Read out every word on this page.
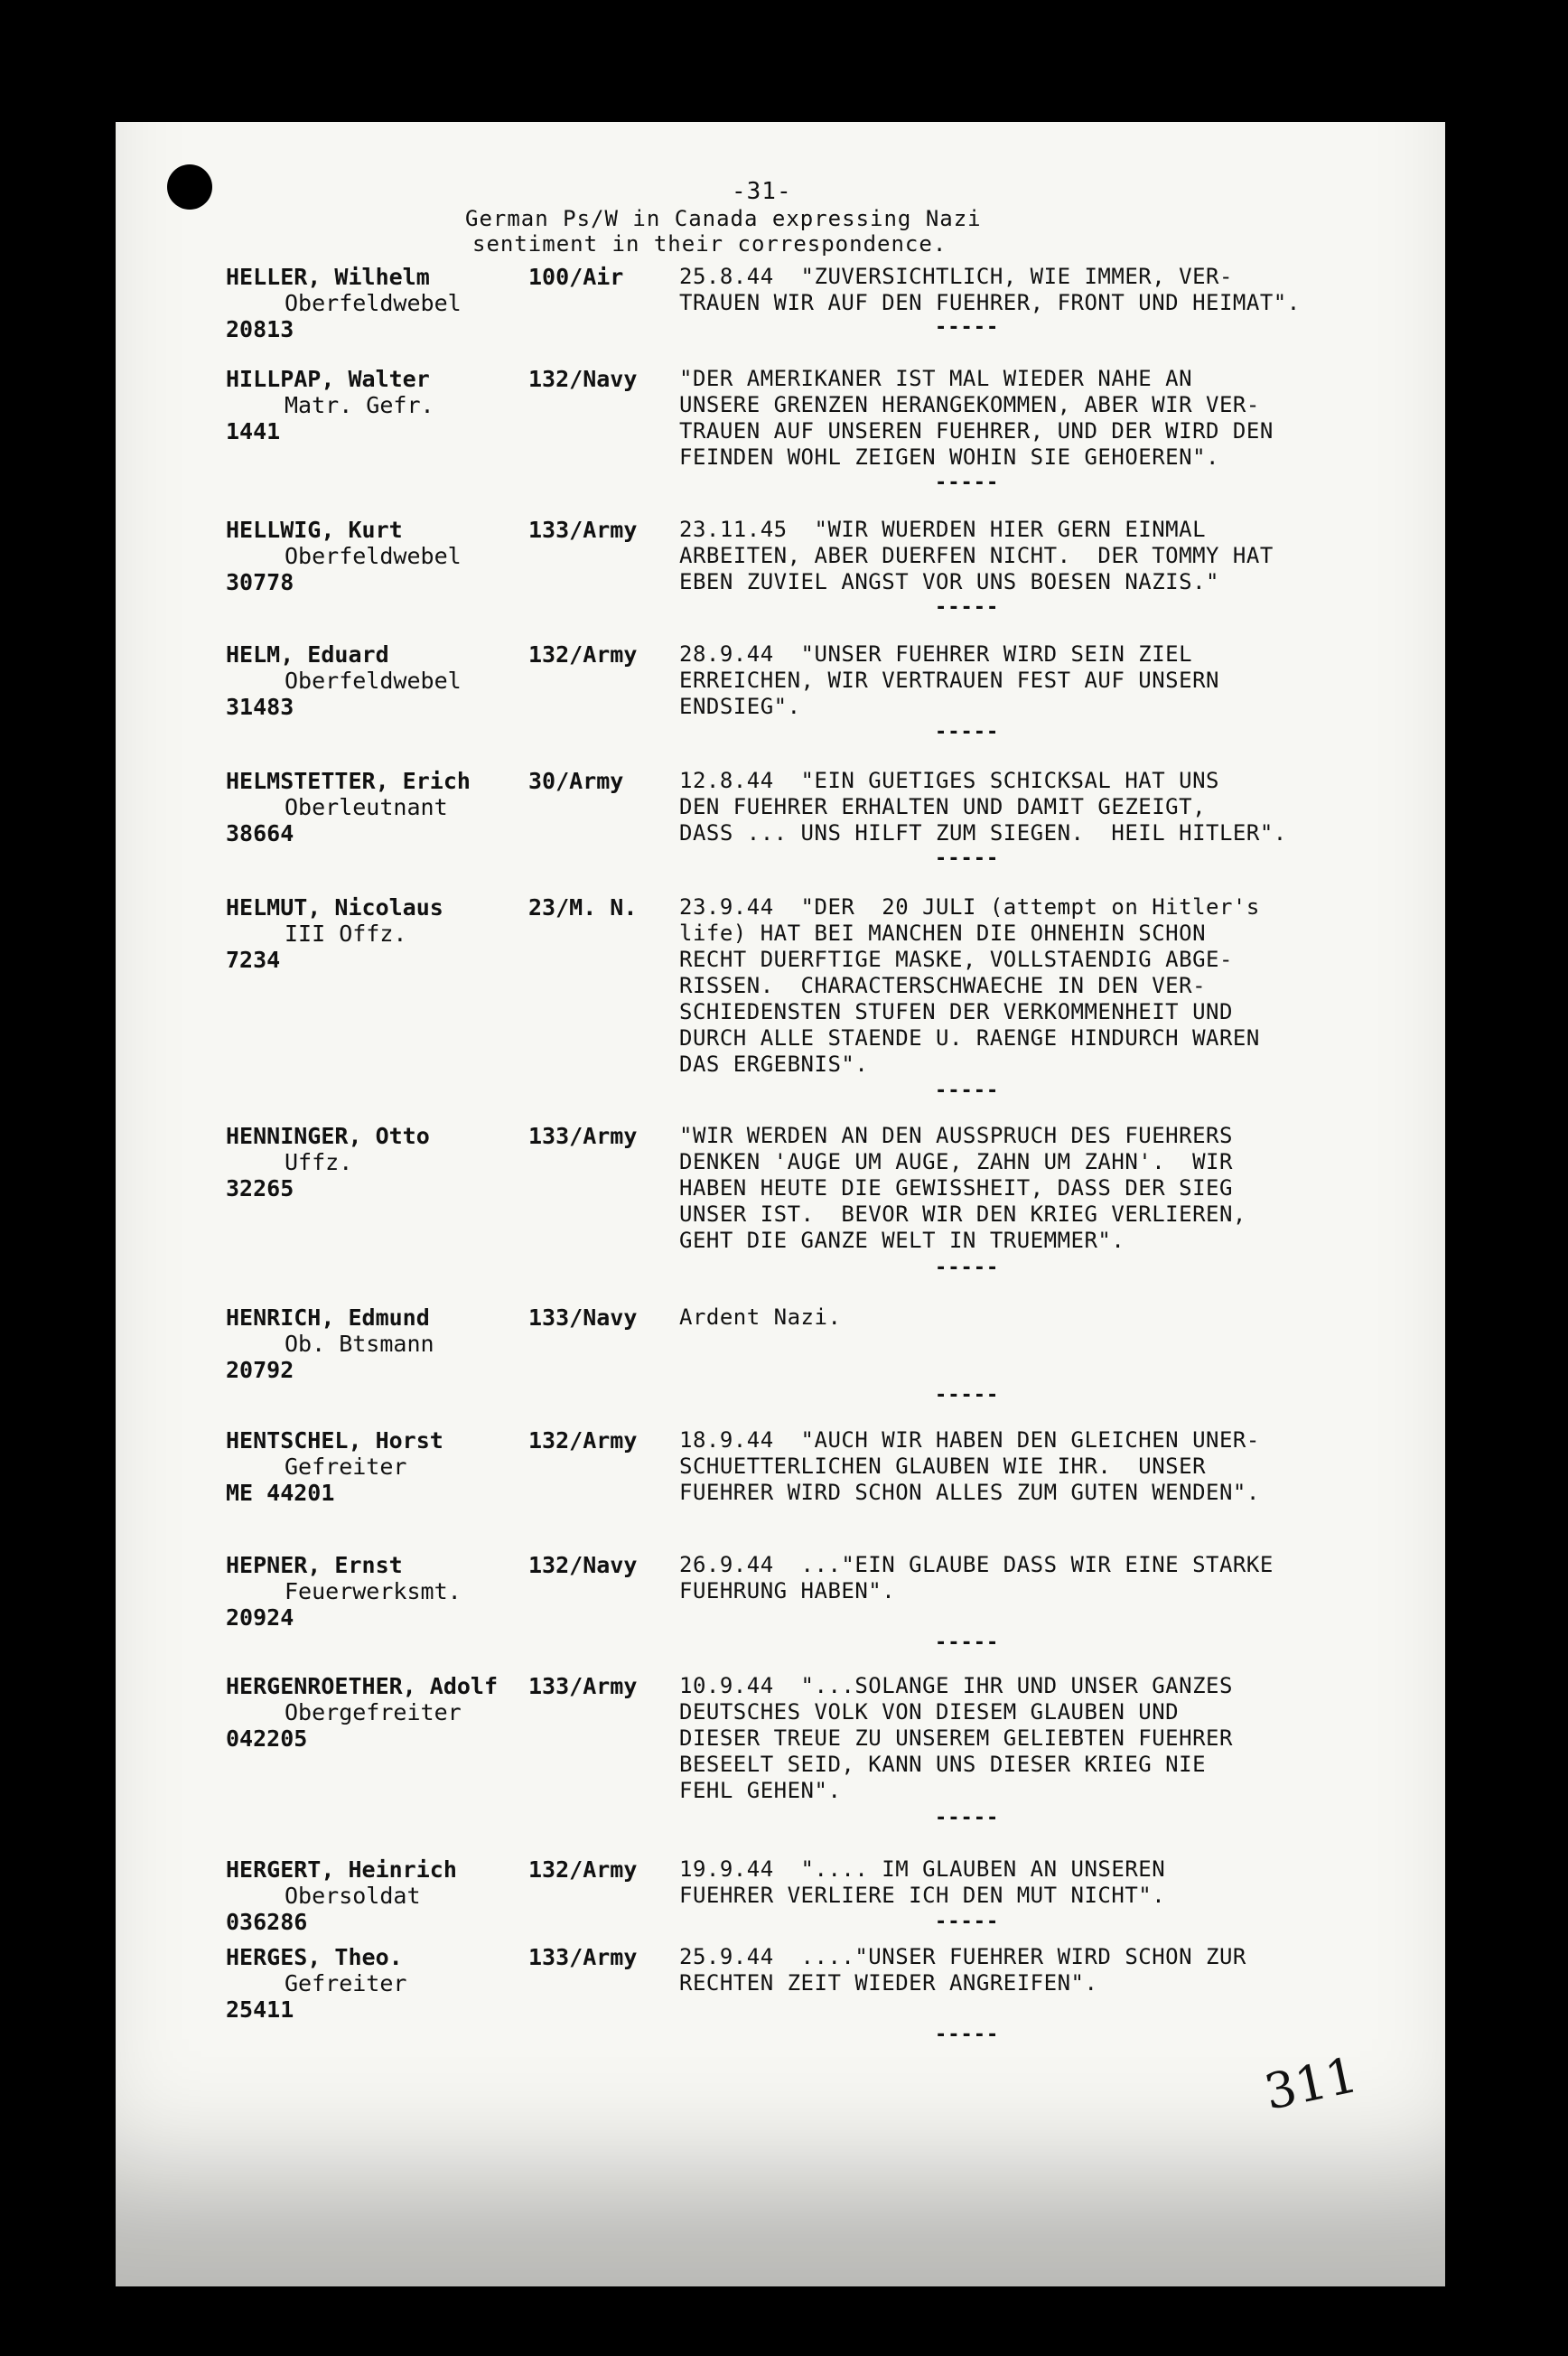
-31-
German Ps/W in Canada expressing Nazi
sentiment in their correspondence.
HELLER, Wilhelm
Oberfeldwebel
20813
100/Air	25.8.44  "ZUVERSICHTLICH, WIE IMMER, VER-
TRAUEN WIR AUF DEN FUEHRER, FRONT UND HEIMAT".
-----
HILLPAP, Walter
Matr. Gefr.
1441
132/Navy "DER AMERIKANER IST MAL WIEDER NAHE AN
UNSERE GRENZEN HERANGEKOMMEN, ABER WIR VER-
TRAUEN AUF UNSEREN FUEHRER, UND DER WIRD DEN
FEINDEN WOHL ZEIGEN WOHIN SIE GEHOEREN".
-----
HELLWIG, Kurt
Oberfeldwebel
30778
133/Army 23.11.45  "WIR WUERDEN HIER GERN EINMAL
ARBEITEN, ABER DUERFEN NICHT.  DER TOMMY HAT
EBEN ZUVIEL ANGST VOR UNS BOESEN NAZIS."
-----
HELM, Eduard
Oberfeldwebel
31483
132/Army 28.9.44  "UNSER FUEHRER WIRD SEIN ZIEL
ERREICHEN, WIR VERTRAUEN FEST AUF UNSERN
ENDSIEG".
-----
HELMSTETTER, Erich
Oberleutnant
38664
30/Army	12.8.44  "EIN GUETIGES SCHICKSAL HAT UNS
DEN FUEHRER ERHALTEN UND DAMIT GEZEIGT,
DASS ... UNS HILFT ZUM SIEGEN.  HEIL HITLER".
-----
HELMUT, Nicolaus
III Offz.
7234
23/M. N. 23.9.44  "DER  20 JULI (attempt on Hitler's
life) HAT BEI MANCHEN DIE OHNEHIN SCHON
RECHT DUERFTIGE MASKE, VOLLSTAENDIG ABGE-
RISSEN.  CHARACTERSCHWAECHE IN DEN VER-
SCHIEDENSTEN STUFEN DER VERKOMMENHEIT UND
DURCH ALLE STAENDE U. RAENGE HINDURCH WAREN
DAS ERGEBNIS".
-----
HENNINGER, Otto
Uffz.
32265
133/Army "WIR WERDEN AN DEN AUSSPRUCH DES FUEHRERS
DENKEN 'AUGE UM AUGE, ZAHN UM ZAHN'.  WIR
HABEN HEUTE DIE GEWISSHEIT, DASS DER SIEG
UNSER IST.  BEVOR WIR DEN KRIEG VERLIEREN,
GEHT DIE GANZE WELT IN TRUEMMER".
-----
HENRICH, Edmund
Ob. Btsmann
20792
133/Navy Ardent Nazi.
-----
HENTSCHEL, Horst
Gefreiter
ME 44201
132/Army 18.9.44  "AUCH WIR HABEN DEN GLEICHEN UNER-
SCHUETTERLICHEN GLAUBEN WIE IHR.  UNSER
FUEHRER WIRD SCHON ALLES ZUM GUTEN WENDEN".
HEPNER, Ernst
Feuerwerksmt.
20924
132/Navy 26.9.44  ..."EIN GLAUBE DASS WIR EINE STARKE
FUEHRUNG HABEN".
-----
HERGENROETHER, Adolf
Obergefreiter
042205
133/Army 10.9.44  "...SOLANGE IHR UND UNSER GANZES
DEUTSCHES VOLK VON DIESEM GLAUBEN UND
DIESER TREUE ZU UNSEREM GELIEBTEN FUEHRER
BESEELT SEID, KANN UNS DIESER KRIEG NIE
FEHL GEHEN".
-----
HERGERT, Heinrich
Obersoldat
036286
132/Army 19.9.44  ".... IM GLAUBEN AN UNSEREN
FUEHRER VERLIERE ICH DEN MUT NICHT".
-----
HERGES, Theo.
Gefreiter
25411
133/Army 25.9.44  ...."UNSER FUEHRER WIRD SCHON ZUR
RECHTEN ZEIT WIEDER ANGREIFEN".
-----
311
